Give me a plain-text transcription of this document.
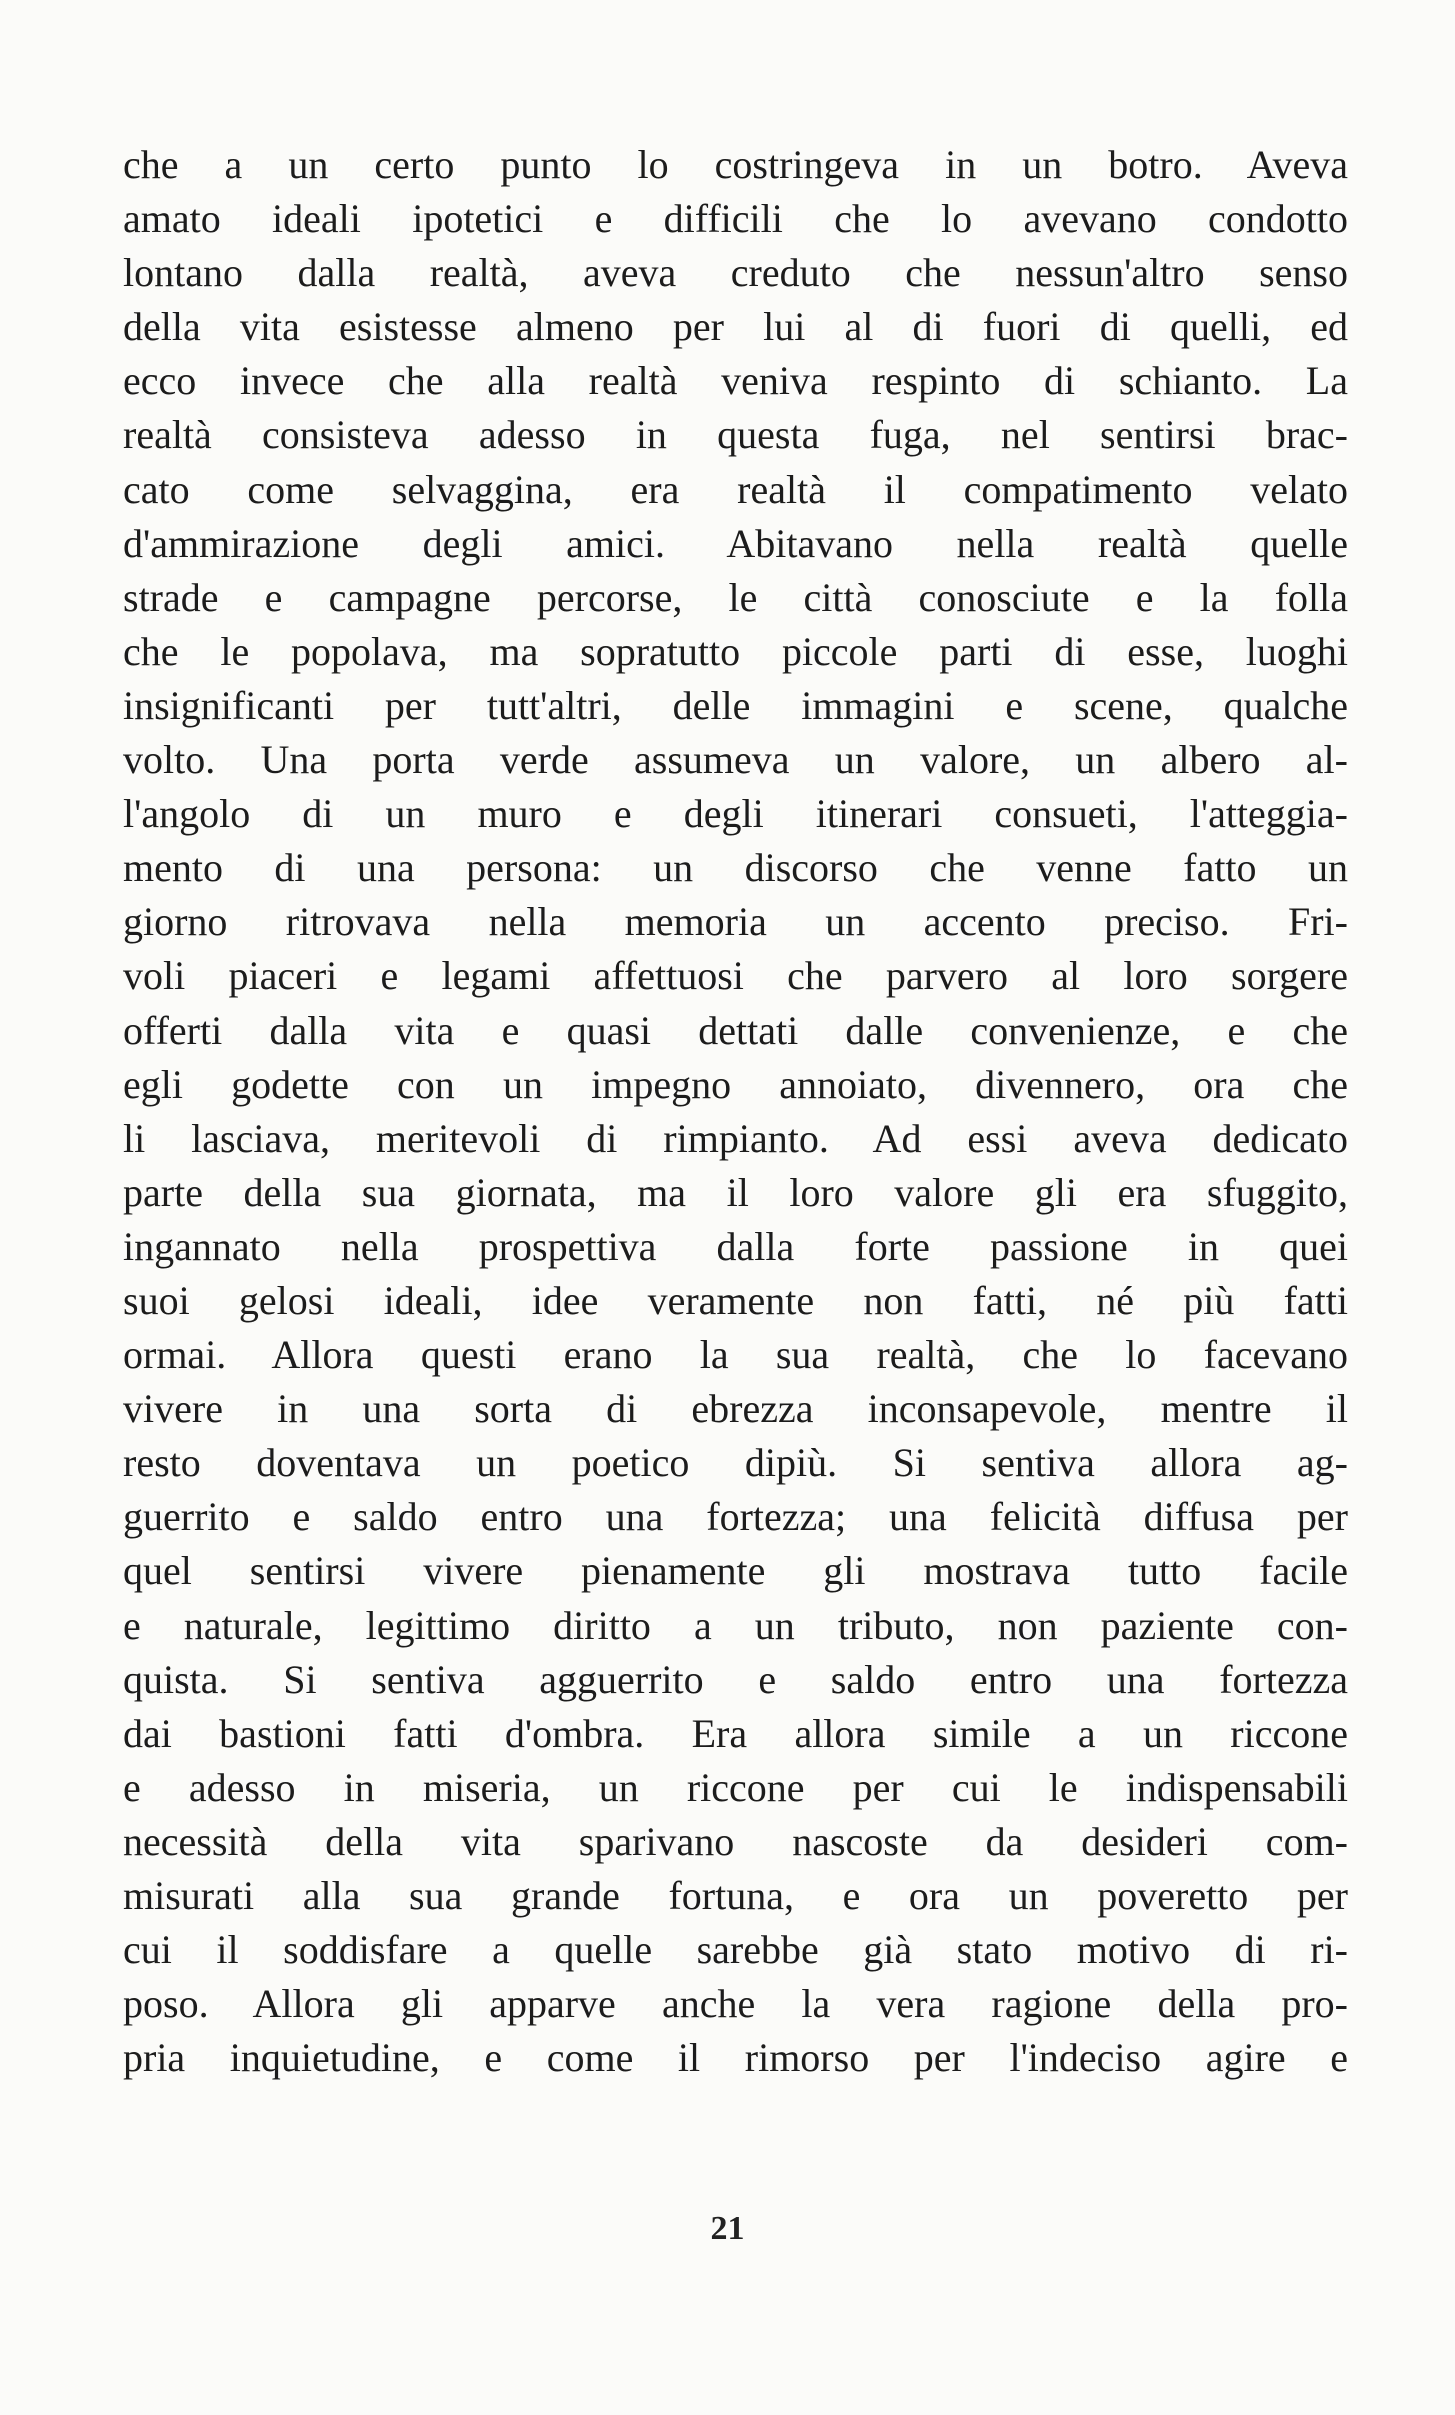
che a un certo punto lo costringeva in un botro. Aveva
amato ideali ipotetici e difficili che lo avevano condotto
lontano dalla realtà, aveva creduto che nessun'altro senso
della vita esistesse almeno per lui al di fuori di quelli, ed
ecco invece che alla realtà veniva respinto di schianto. La
realtà consisteva adesso in questa fuga, nel sentirsi brac-
cato come selvaggina, era realtà il compatimento velato
d'ammirazione degli amici. Abitavano nella realtà quelle
strade e campagne percorse, le città conosciute e la folla
che le popolava, ma sopratutto piccole parti di esse, luoghi
insignificanti per tutt'altri, delle immagini e scene, qualche
volto. Una porta verde assumeva un valore, un albero al-
l'angolo di un muro e degli itinerari consueti, l'atteggia-
mento di una persona: un discorso che venne fatto un
giorno ritrovava nella memoria un accento preciso. Fri-
voli piaceri e legami affettuosi che parvero al loro sorgere
offerti dalla vita e quasi dettati dalle convenienze, e che
egli godette con un impegno annoiato, divennero, ora che
li lasciava, meritevoli di rimpianto. Ad essi aveva dedicato
parte della sua giornata, ma il loro valore gli era sfuggito,
ingannato nella prospettiva dalla forte passione in quei
suoi gelosi ideali, idee veramente non fatti, né più fatti
ormai. Allora questi erano la sua realtà, che lo facevano
vivere in una sorta di ebrezza inconsapevole, mentre il
resto doventava un poetico dipiù. Si sentiva allora ag-
guerrito e saldo entro una fortezza; una felicità diffusa per
quel sentirsi vivere pienamente gli mostrava tutto facile
e naturale, legittimo diritto a un tributo, non paziente con-
quista. Si sentiva agguerrito e saldo entro una fortezza
dai bastioni fatti d'ombra. Era allora simile a un riccone
e adesso in miseria, un riccone per cui le indispensabili
necessità della vita sparivano nascoste da desideri com-
misurati alla sua grande fortuna, e ora un poveretto per
cui il soddisfare a quelle sarebbe già stato motivo di ri-
poso. Allora gli apparve anche la vera ragione della pro-
pria inquietudine, e come il rimorso per l'indeciso agire e
21
